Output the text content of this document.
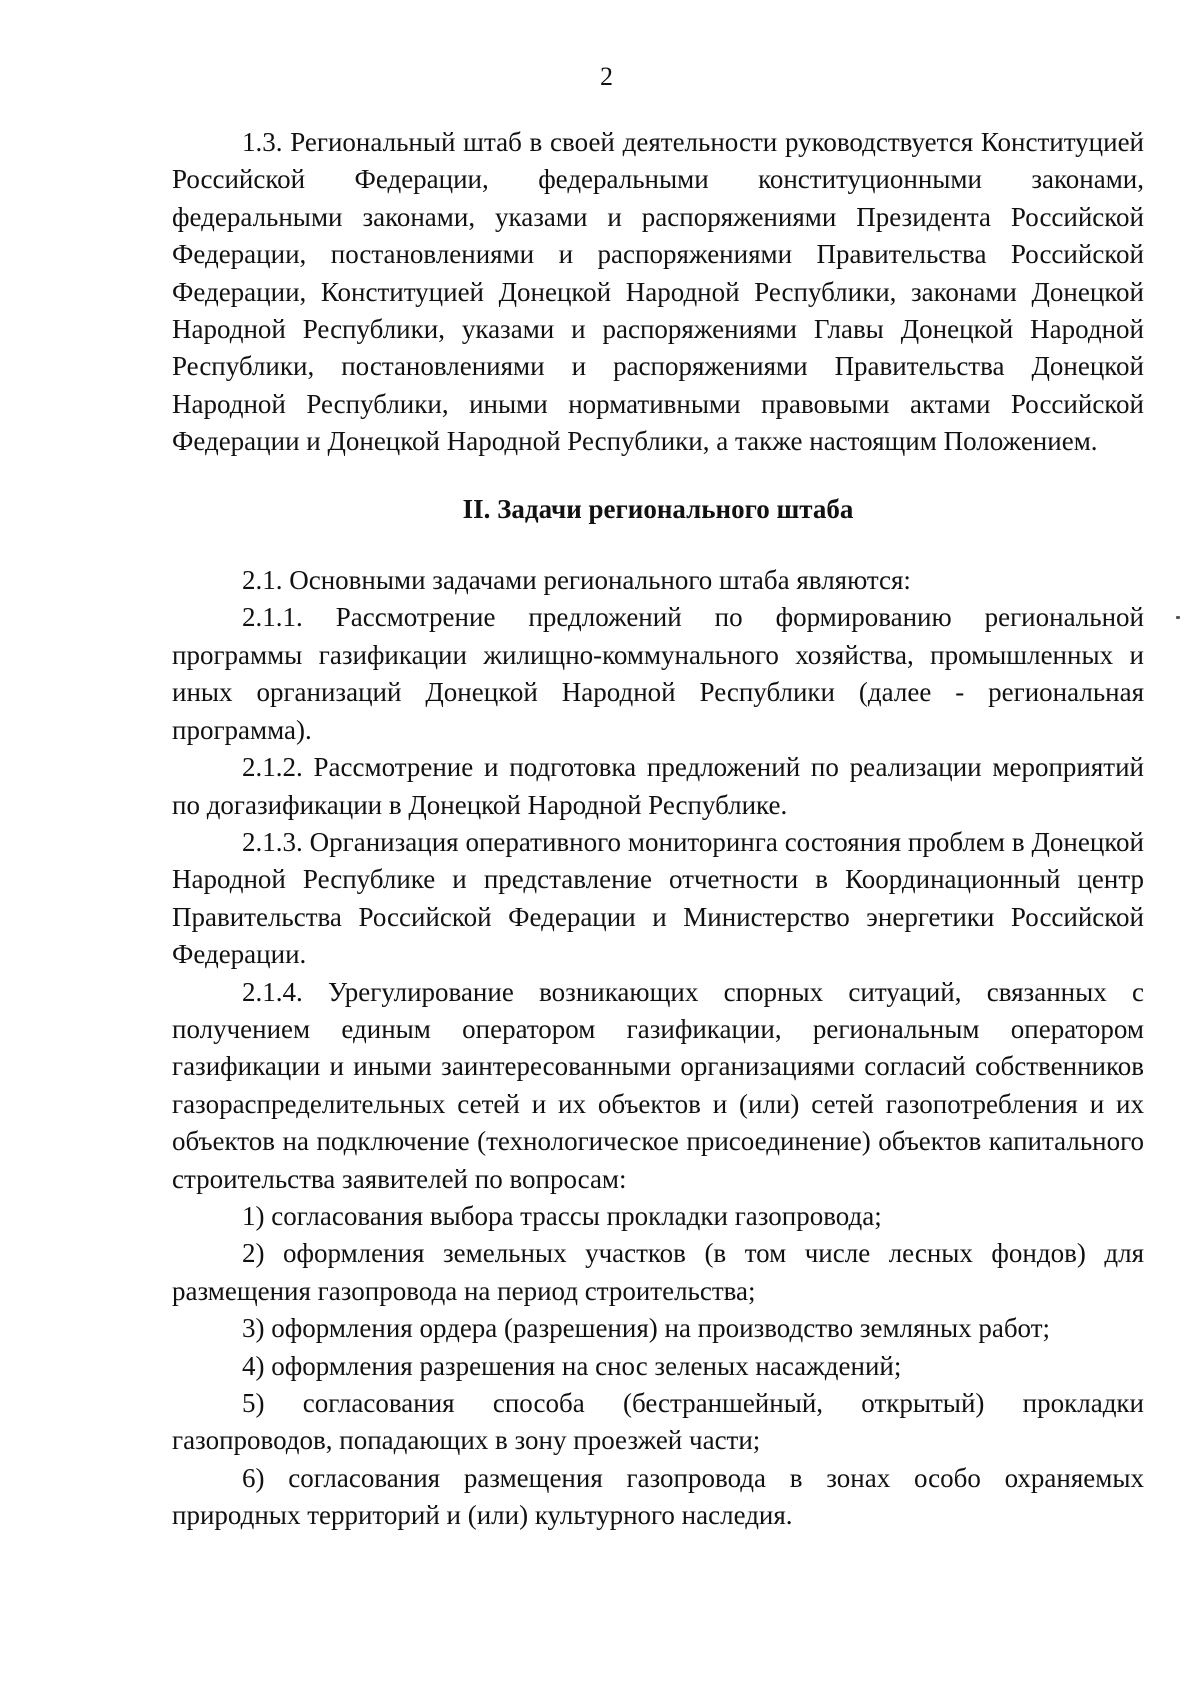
2

1.3. Региональный штаб в своей деятельности руководствуется Конституцией Российской Федерации, федеральными конституционными законами, федеральными законами, указами и распоряжениями Президента Российской Федерации, постановлениями и распоряжениями Правительства Российской Федерации, Конституцией Донецкой Народной Республики, законами Донецкой Народной Республики, указами и распоряжениями Главы Донецкой Народной Республики, постановлениями и распоряжениями Правительства Донецкой Народной Республики, иными нормативными правовыми актами Российской Федерации и Донецкой Народной Республики, а также настоящим Положением.

II. Задачи регионального штаба

2.1. Основными задачами регионального штаба являются:

2.1.1. Рассмотрение предложений по формированию региональной программы газификации жилищно-коммунального хозяйства, промышленных и иных организаций Донецкой Народной Республики (далее - региональная программа).

2.1.2. Рассмотрение и подготовка предложений по реализации мероприятий по догазификации в Донецкой Народной Республике.

2.1.3. Организация оперативного мониторинга состояния проблем в Донецкой Народной Республике и представление отчетности в Координационный центр Правительства Российской Федерации и Министерство энергетики Российской Федерации.

2.1.4. Урегулирование возникающих спорных ситуаций, связанных с получением единым оператором газификации, региональным оператором газификации и иными заинтересованными организациями согласий собственников газораспределительных сетей и их объектов и (или) сетей газопотребления и их объектов на подключение (технологическое присоединение) объектов капитального строительства заявителей по вопросам:

1) согласования выбора трассы прокладки газопровода;

2) оформления земельных участков (в том числе лесных фондов) для размещения газопровода на период строительства;

3) оформления ордера (разрешения) на производство земляных работ;

4) оформления разрешения на снос зеленых насаждений;

5) согласования способа (бестраншейный, открытый) прокладки газопроводов, попадающих в зону проезжей части;

6) согласования размещения газопровода в зонах особо охраняемых природных территорий и (или) культурного наследия.
